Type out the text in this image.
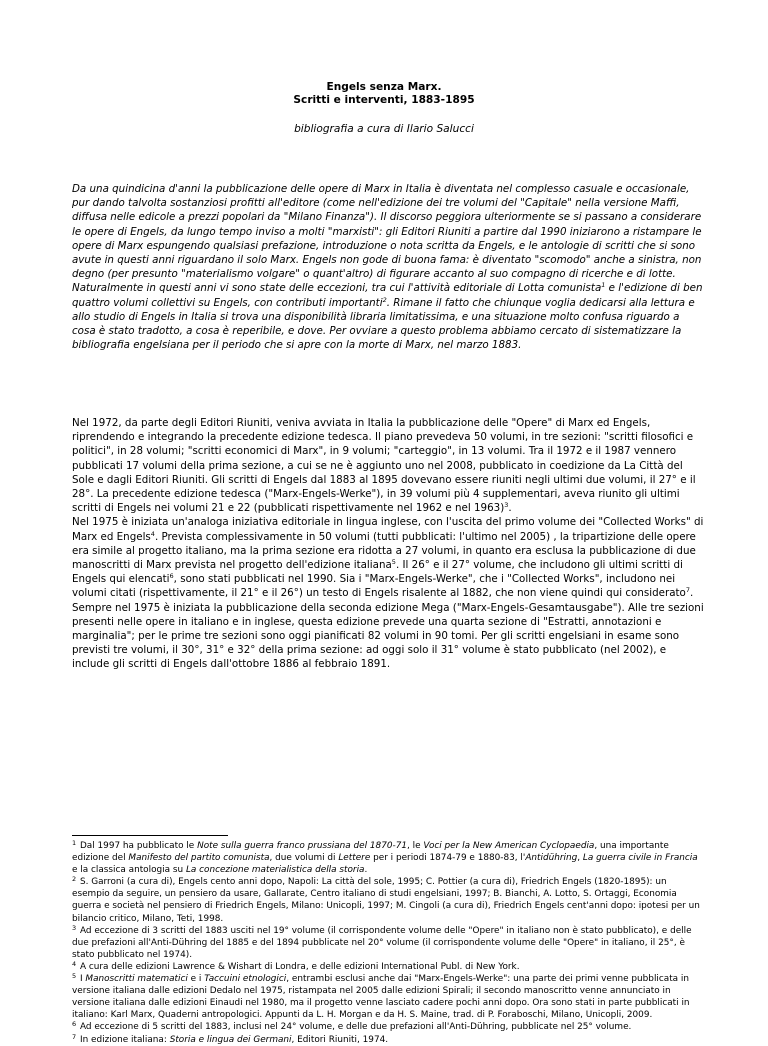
Engels senza Marx.
Scritti e interventi, 1883-1895
bibliografia a cura di Ilario Salucci

Da una quindicina d'anni la pubblicazione delle opere di Marx in Italia è diventata nel complesso casuale e occasionale, pur dando talvolta sostanziosi profitti all'editore (come nell'edizione dei tre volumi del "Capitale" nella versione Maffi, diffusa nelle edicole a prezzi popolari da "Milano Finanza"). Il discorso peggiora ulteriormente se si passano a considerare le opere di Engels, da lungo tempo inviso a molti "marxisti": gli Editori Riuniti a partire dal 1990 iniziarono a ristampare le opere di Marx espungendo qualsiasi prefazione, introduzione o nota scritta da Engels, e le antologie di scritti che si sono avute in questi anni riguardano il solo Marx. Engels non gode di buona fama: è diventato "scomodo" anche a sinistra, non degno (per presunto "materialismo volgare" o quant'altro) di figurare accanto al suo compagno di ricerche e di lotte. Naturalmente in questi anni vi sono state delle eccezioni, tra cui l'attività editoriale di Lotta comunista$^1$ e l'edizione di ben quattro volumi collettivi su Engels, con contributi importanti$^2$. Rimane il fatto che chiunque voglia dedicarsi alla lettura e allo studio di Engels in Italia si trova una disponibilità libraria limitatissima, e una situazione molto confusa riguardo a cosa è stato tradotto, a cosa è reperibile, e dove. Per ovviare a questo problema abbiamo cercato di sistematizzare la bibliografia engelsiana per il periodo che si apre con la morte di Marx, nel marzo 1883.

Nel 1972, da parte degli Editori Riuniti, veniva avviata in Italia la pubblicazione delle "Opere" di Marx ed Engels, riprendendo e integrando la precedente edizione tedesca. Il piano prevedeva 50 volumi, in tre sezioni: "scritti filosofici e politici", in 28 volumi; "scritti economici di Marx", in 9 volumi; "carteggio", in 13 volumi. Tra il 1972 e il 1987 vennero pubblicati 17 volumi della prima sezione, a cui se ne è aggiunto uno nel 2008, pubblicato in coedizione da La Città del Sole e dagli Editori Riuniti. Gli scritti di Engels dal 1883 al 1895 dovevano essere riuniti negli ultimi due volumi, il 27° e il 28°. La precedente edizione tedesca ("Marx-Engels-Werke"), in 39 volumi più 4 supplementari, aveva riunito gli ultimi scritti di Engels nei volumi 21 e 22 (pubblicati rispettivamente nel 1962 e nel 1963)$^3$.
Nel 1975 è iniziata un'analoga iniziativa editoriale in lingua inglese, con l'uscita del primo volume dei "Collected Works" di Marx ed Engels$^4$. Prevista complessivamente in 50 volumi (tutti pubblicati: l'ultimo nel 2005) , la tripartizione delle opere era simile al progetto italiano, ma la prima sezione era ridotta a 27 volumi, in quanto era esclusa la pubblicazione di due manoscritti di Marx prevista nel progetto dell'edizione italiana$^5$. Il 26° e il 27° volume, che includono gli ultimi scritti di Engels qui elencati$^6$, sono stati pubblicati nel 1990. Sia i "Marx-Engels-Werke", che i "Collected Works", includono nei volumi citati (rispettivamente, il 21° e il 26°) un testo di Engels risalente al 1882, che non viene quindi qui considerato$^7$.
Sempre nel 1975 è iniziata la pubblicazione della seconda edizione Mega ("Marx-Engels-Gesamtausgabe"). Alle tre sezioni presenti nelle opere in italiano e in inglese, questa edizione prevede una quarta sezione di "Estratti, annotazioni e marginalia"; per le prime tre sezioni sono oggi pianificati 82 volumi in 90 tomi. Per gli scritti engelsiani in esame sono previsti tre volumi, il 30°, 31° e 32° della prima sezione: ad oggi solo il 31° volume è stato pubblicato (nel 2002), e include gli scritti di Engels dall'ottobre 1886 al febbraio 1891.

$^1$ Dal 1997 ha pubblicato le Note sulla guerra franco prussiana del 1870-71, le Voci per la New American Cyclopaedia, una importante edizione del Manifesto del partito comunista, due volumi di Lettere per i periodi 1874-79 e 1880-83, l'Antidühring, La guerra civile in Francia e la classica antologia su La concezione materialistica della storia.
$^2$ S. Garroni (a cura di), Engels cento anni dopo, Napoli: La città del sole, 1995; C. Pottier (a cura di), Friedrich Engels (1820-1895): un esempio da seguire, un pensiero da usare, Gallarate, Centro italiano di studi engelsiani, 1997; B. Bianchi, A. Lotto, S. Ortaggi, Economia guerra e società nel pensiero di Friedrich Engels, Milano: Unicopli, 1997; M. Cingoli (a cura di), Friedrich Engels cent'anni dopo: ipotesi per un bilancio critico, Milano, Teti, 1998.
$^3$ Ad eccezione di 3 scritti del 1883 usciti nel 19° volume (il corrispondente volume delle "Opere" in italiano non è stato pubblicato), e delle due prefazioni all'Anti-Dühring del 1885 e del 1894 pubblicate nel 20° volume (il corrispondente volume delle "Opere" in italiano, il 25°, è stato pubblicato nel 1974).
$^4$ A cura delle edizioni Lawrence & Wishart di Londra, e delle edizioni International Publ. di New York.
$^5$ I Manoscritti matematici e i Taccuini etnologici, entrambi esclusi anche dai "Marx-Engels-Werke": una parte dei primi venne pubblicata in versione italiana dalle edizioni Dedalo nel 1975, ristampata nel 2005 dalle edizioni Spirali; il secondo manoscritto venne annunciato in versione italiana dalle edizioni Einaudi nel 1980, ma il progetto venne lasciato cadere pochi anni dopo. Ora sono stati in parte pubblicati in italiano: Karl Marx, Quaderni antropologici. Appunti da L. H. Morgan e da H. S. Maine, trad. di P. Foraboschi, Milano, Unicopli, 2009.
$^6$ Ad eccezione di 5 scritti del 1883, inclusi nel 24° volume, e delle due prefazioni all'Anti-Dühring, pubblicate nel 25° volume.
$^7$ In edizione italiana: Storia e lingua dei Germani, Editori Riuniti, 1974.
